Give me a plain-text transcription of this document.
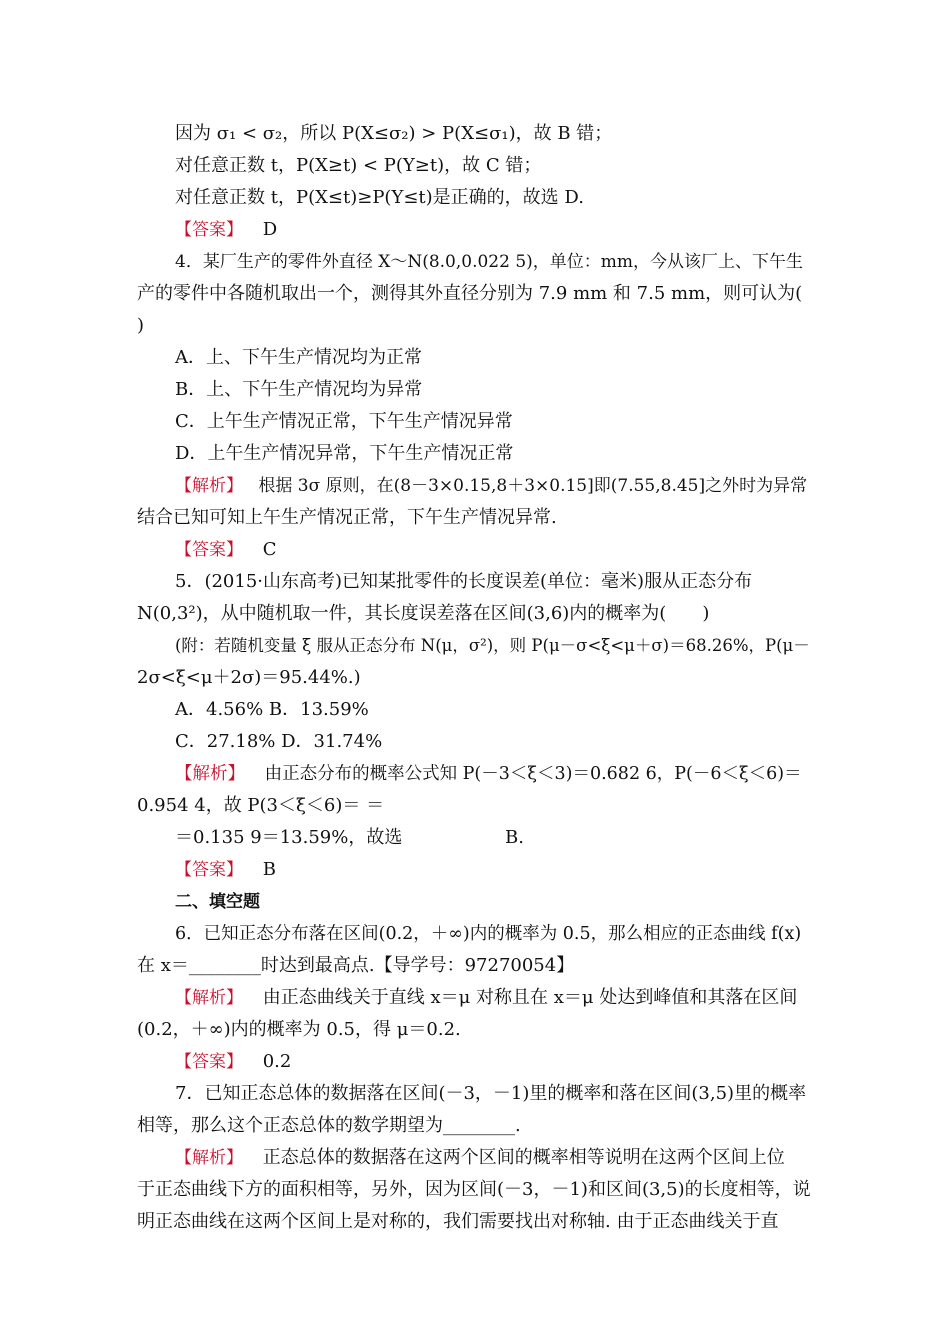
因为 σ₁ < σ₂，所以 P(X≤σ₂) > P(X≤σ₁)，故 B 错；
对任意正数 t，P(X≥t) < P(Y≥t)，故 C 错；
对任意正数 t，P(X≤t)≥P(Y≤t)是正确的，故选 D.
【答案】 D
4．某厂生产的零件外直径 X～N(8.0,0.022 5)，单位：mm，今从该厂上、下午生
产的零件中各随机取出一个，测得其外直径分别为 7.9 mm 和 7.5 mm，则可认为(
)
A．上、下午生产情况均为正常
B．上、下午生产情况均为异常
C．上午生产情况正常，下午生产情况异常
D．上午生产情况异常，下午生产情况正常
【解析】 根据 3σ 原则，在(8－3×0.15,8＋3×0.15]即(7.55,8.45]之外时为异常
结合已知可知上午生产情况正常，下午生产情况异常.
【答案】 C
5．(2015·山东高考)已知某批零件的长度误差(单位：毫米)服从正态分布
N(0,3²)，从中随机取一件，其长度误差落在区间(3,6)内的概率为(　　)
(附：若随机变量 ξ 服从正态分布 N(μ，σ²)，则 P(μ－σ<ξ<μ＋σ)＝68.26%，P(μ－
2σ<ξ<μ＋2σ)＝95.44%.)
A．4.56% B．13.59%
C．27.18% D．31.74%
【解析】 由正态分布的概率公式知 P(－3＜ξ＜3)＝0.682 6，P(－6＜ξ＜6)＝
0.954 4，故 P(3＜ξ＜6)＝ ＝
＝0.135 9＝13.59%，故选	B.
【答案】 B
二、填空题
6．已知正态分布落在区间(0.2，＋∞)内的概率为 0.5，那么相应的正态曲线 f(x)
在 x＝________时达到最高点.【导学号：97270054】
【解析】 由正态曲线关于直线 x＝μ 对称且在 x＝μ 处达到峰值和其落在区间
(0.2，＋∞)内的概率为 0.5，得 μ＝0.2.
【答案】 0.2
7．已知正态总体的数据落在区间(－3，－1)里的概率和落在区间(3,5)里的概率
相等，那么这个正态总体的数学期望为________.
【解析】 正态总体的数据落在这两个区间的概率相等说明在这两个区间上位
于正态曲线下方的面积相等，另外，因为区间(－3，－1)和区间(3,5)的长度相等，说
明正态曲线在这两个区间上是对称的，我们需要找出对称轴. 由于正态曲线关于直
